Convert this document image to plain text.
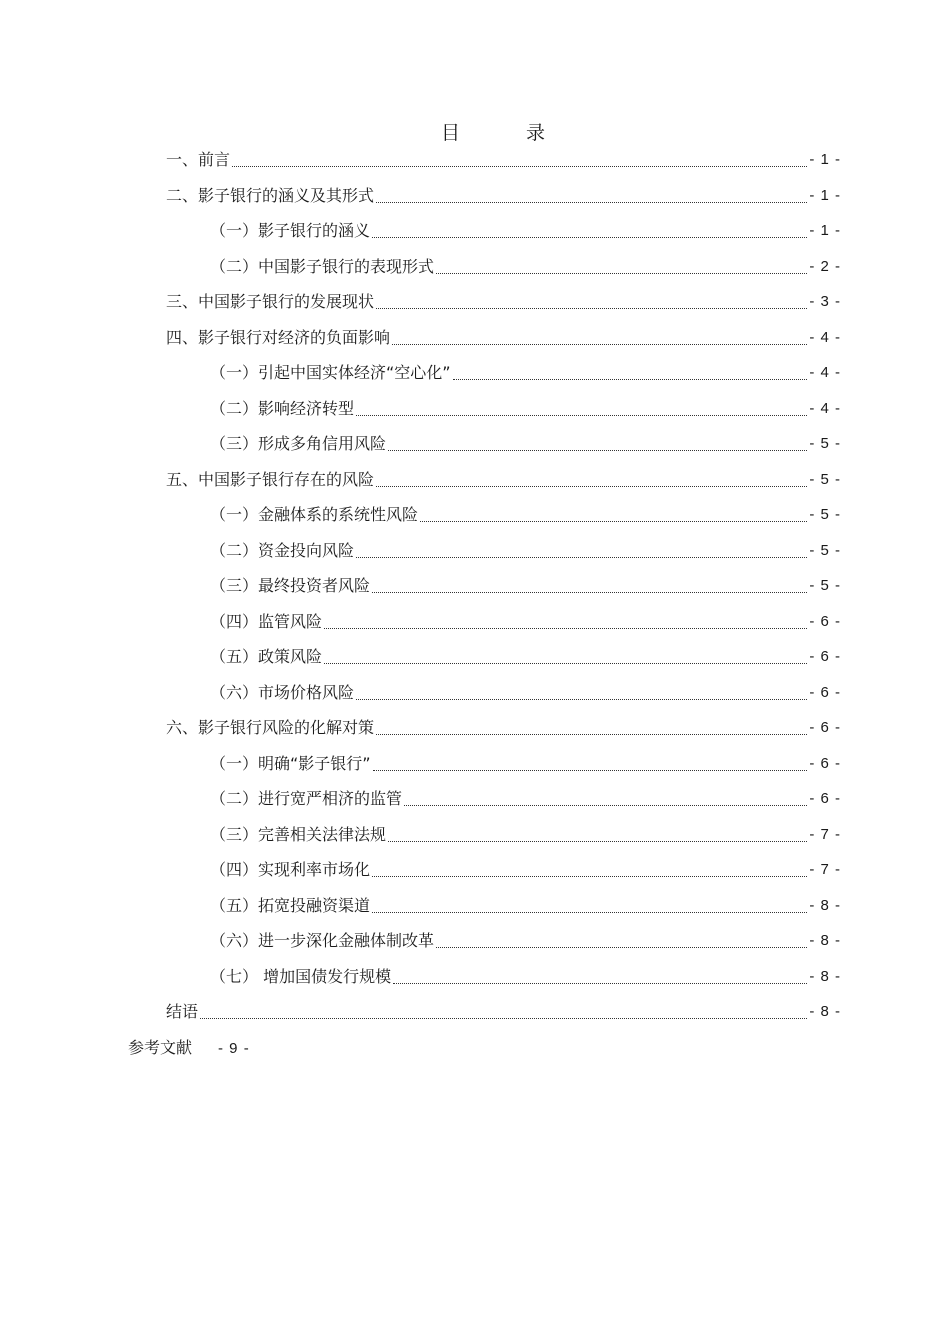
目 录
一、前言	- 1 -
二、影子银行的涵义及其形式	- 1 -
（一）影子银行的涵义	- 1 -
（二）中国影子银行的表现形式	- 2 -
三、中国影子银行的发展现状	- 3 -
四、影子银行对经济的负面影响	- 4 -
（一）引起中国实体经济“空心化”	- 4 -
（二）影响经济转型	- 4 -
（三）形成多角信用风险	- 5 -
五、中国影子银行存在的风险	- 5 -
（一）金融体系的系统性风险	- 5 -
（二）资金投向风险	- 5 -
（三）最终投资者风险	- 5 -
（四）监管风险	- 6 -
（五）政策风险	- 6 -
（六）市场价格风险	- 6 -
六、影子银行风险的化解对策	- 6 -
（一）明确“影子银行”	- 6 -
（二）进行宽严相济的监管	- 6 -
（三）完善相关法律法规	- 7 -
（四）实现利率市场化	- 7 -
（五）拓宽投融资渠道	- 8 -
（六）进一步深化金融体制改革	- 8 -
（七） 增加国债发行规模	- 8 -
结语	- 8 -
参考文献 - 9 -
